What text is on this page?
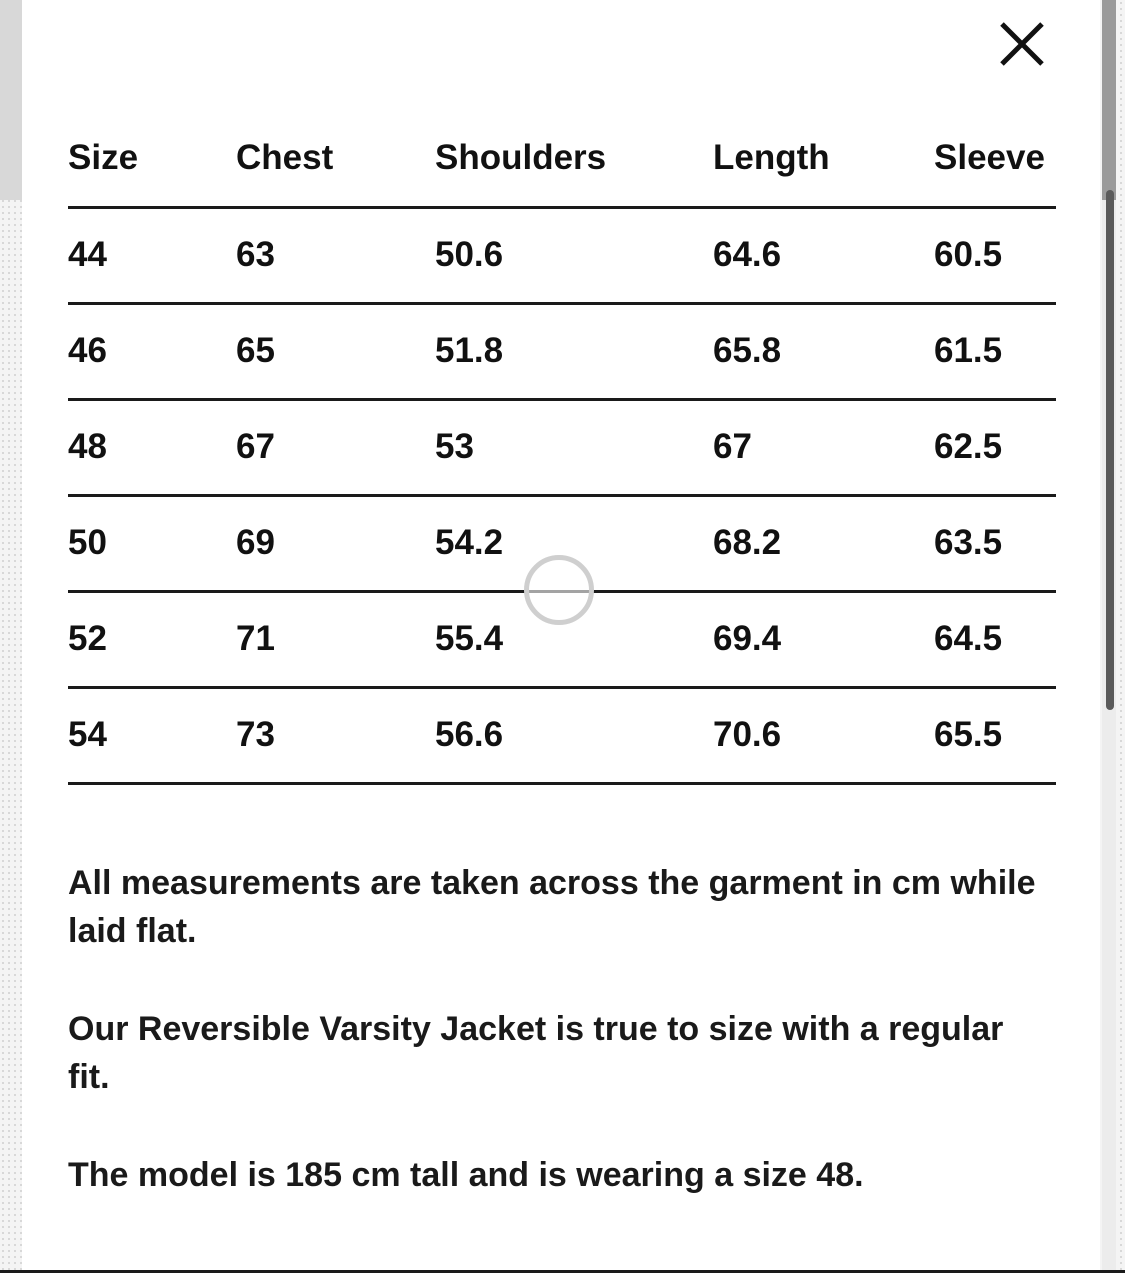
Size	Chest	Shoulders	Length	Sleeve
44	63	50.6	64.6	60.5
46	65	51.8	65.8	61.5
48	67	53	67	62.5
50	69	54.2	68.2	63.5
52	71	55.4	69.4	64.5
54	73	56.6	70.6	65.5

All measurements are taken across the garment in cm while laid flat.

Our Reversible Varsity Jacket is true to size with a regular fit.

The model is 185 cm tall and is wearing a size 48.
